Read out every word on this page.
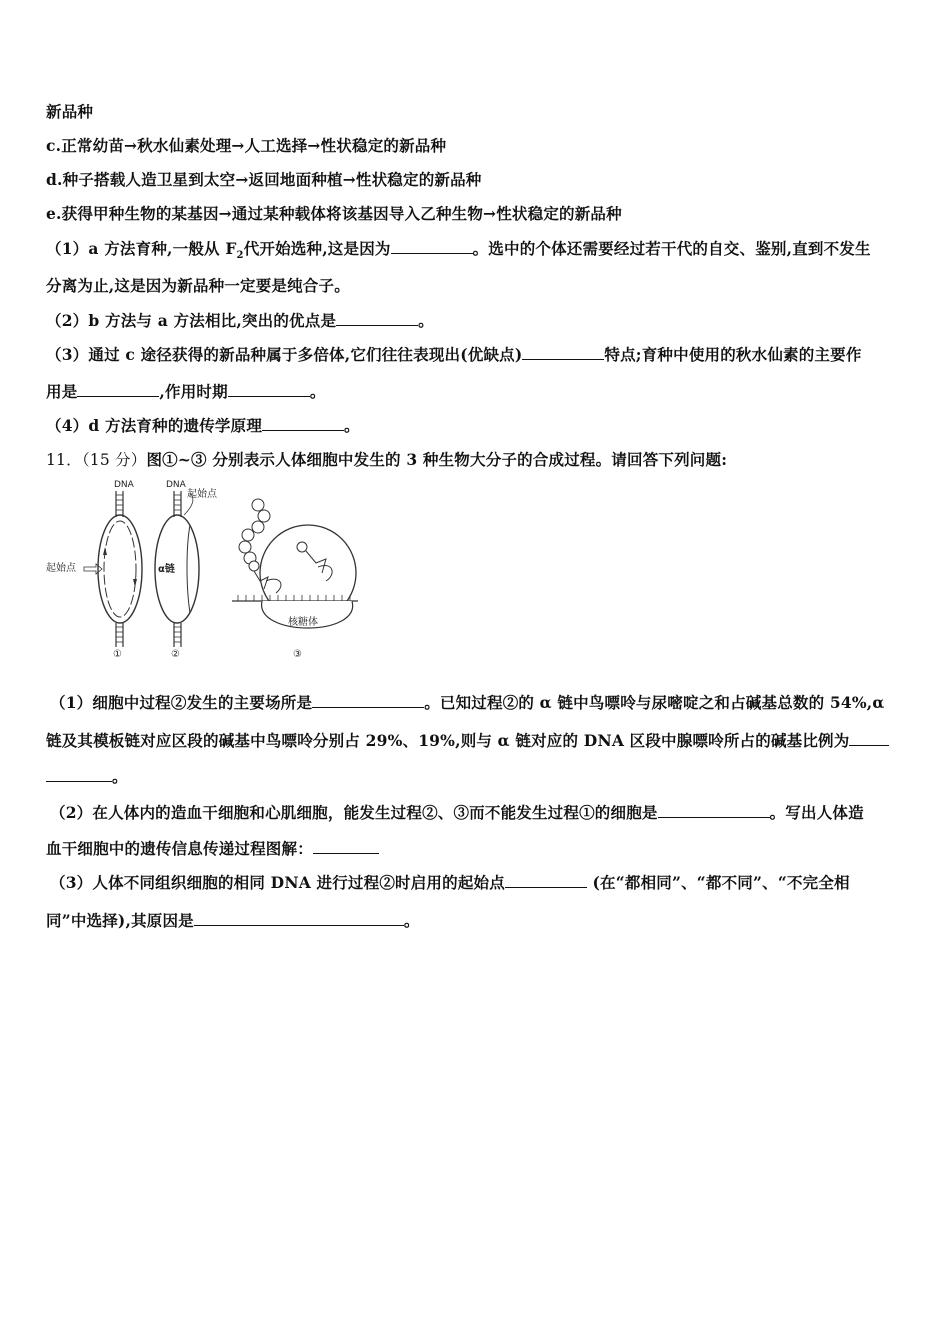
新品种
c.正常幼苗→秋水仙素处理→人工选择→性状稳定的新品种
d.种子搭载人造卫星到太空→返回地面种植→性状稳定的新品种
e.获得甲种生物的某基因→通过某种载体将该基因导入乙种生物→性状稳定的新品种
（1）a 方法育种,一般从 $F_2$代开始选种,这是因为	。选中的个体还需要经过若干代的自交、鉴别,直到不发生
分离为止,这是因为新品种一定要是纯合子。
（2）b 方法与 a 方法相比,突出的优点是	。
（3）通过 c 途径获得的新品种属于多倍体,它们往往表现出(优缺点)	特点;育种中使用的秋水仙素的主要作
用是	,作用时期	。
（4）d 方法育种的遗传学原理	。
11．（15 分）图①~③ 分别表示人体细胞中发生的 3 种生物大分子的合成过程。请回答下列问题:
DNA
起始点
①
DNA
起始点
α链
②
核糖体
③
（1）细胞中过程②发生的主要场所是	。已知过程②的 α 链中鸟嘌呤与尿嘧啶之和占碱基总数的 54%,α
链及其模板链对应区段的碱基中鸟嘌呤分别占 29%、19%,则与 α 链对应的 DNA 区段中腺嘌呤所占的碱基比例为
。
（2）在人体内的造血干细胞和心肌细胞，能发生过程②、③而不能发生过程①的细胞是	。写出人体造
血干细胞中的遗传信息传递过程图解：
（3）人体不同组织细胞的相同 DNA 进行过程②时启用的起始点	(在“都相同”、“都不同”、“不完全相
同”中选择),其原因是	。
